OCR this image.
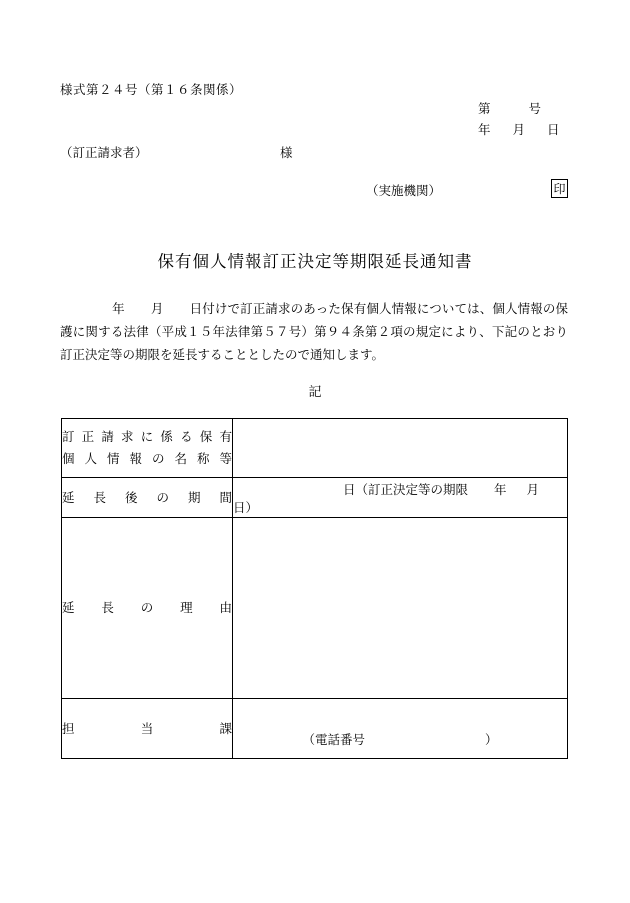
様式第２４号（第１６条関係）
第	号
年 月 日
（訂正請求者）	様
（実施機関）	印
保有個人情報訂正決定等期限延長通知書
年 月 日付けで訂正請求のあった保有個人情報については、個人情報の保護に関する法律（平成１５年法律第５７号）第９４条第２項の規定により、下記のとおり訂正決定等の期限を延長することとしたので通知します。
記
訂正請求に係る保有
個人情報の名称等	

延長後の期間	日（訂正決定等の期限 年 月日）

延長の理由	

担当課	（電話番号 ）
